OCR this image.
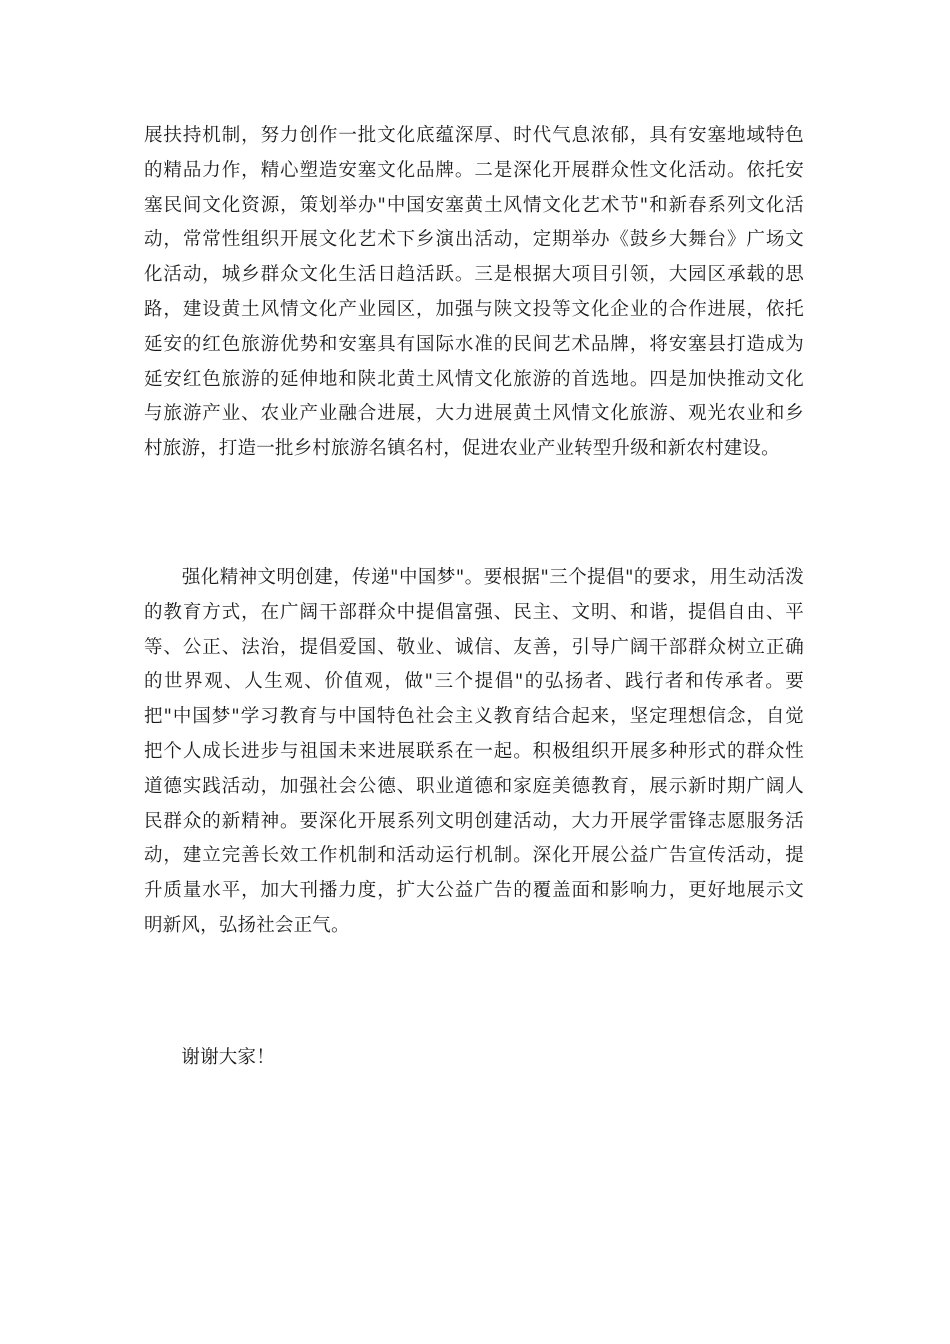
展扶持机制，努力创作一批文化底蕴深厚、时代气息浓郁，具有安塞地域特色
的精品力作，精心塑造安塞文化品牌。二是深化开展群众性文化活动。依托安
塞民间文化资源，策划举办"中国安塞黄土风情文化艺术节"和新春系列文化活
动，常常性组织开展文化艺术下乡演出活动，定期举办《鼓乡大舞台》广场文
化活动，城乡群众文化生活日趋活跃。三是根据大项目引领，大园区承载的思
路，建设黄土风情文化产业园区，加强与陕文投等文化企业的合作进展，依托
延安的红色旅游优势和安塞具有国际水准的民间艺术品牌，将安塞县打造成为
延安红色旅游的延伸地和陕北黄土风情文化旅游的首选地。四是加快推动文化
与旅游产业、农业产业融合进展，大力进展黄土风情文化旅游、观光农业和乡
村旅游，打造一批乡村旅游名镇名村，促进农业产业转型升级和新农村建设。

　　强化精神文明创建，传递"中国梦"。要根据"三个提倡"的要求，用生动活泼
的教育方式，在广阔干部群众中提倡富强、民主、文明、和谐，提倡自由、平
等、公正、法治，提倡爱国、敬业、诚信、友善，引导广阔干部群众树立正确
的世界观、人生观、价值观，做"三个提倡"的弘扬者、践行者和传承者。要
把"中国梦"学习教育与中国特色社会主义教育结合起来，坚定理想信念，自觉
把个人成长进步与祖国未来进展联系在一起。积极组织开展多种形式的群众性
道德实践活动，加强社会公德、职业道德和家庭美德教育，展示新时期广阔人
民群众的新精神。要深化开展系列文明创建活动，大力开展学雷锋志愿服务活
动，建立完善长效工作机制和活动运行机制。深化开展公益广告宣传活动，提
升质量水平，加大刊播力度，扩大公益广告的覆盖面和影响力，更好地展示文
明新风，弘扬社会正气。

　　谢谢大家！
